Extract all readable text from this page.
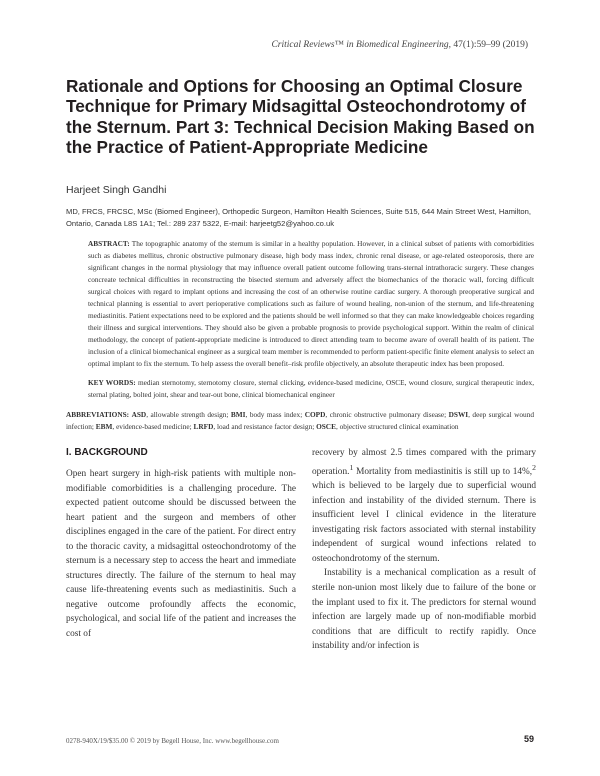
Critical Reviews™ in Biomedical Engineering, 47(1):59–99 (2019)
Rationale and Options for Choosing an Optimal Closure Technique for Primary Midsagittal Osteochondrotomy of the Sternum. Part 3: Technical Decision Making Based on the Practice of Patient-Appropriate Medicine
Harjeet Singh Gandhi
MD, FRCS, FRCSC, MSc (Biomed Engineer), Orthopedic Surgeon, Hamilton Health Sciences, Suite 515, 644 Main Street West, Hamilton, Ontario, Canada L8S 1A1; Tel.: 289 237 5322, E-mail: harjeetg52@yahoo.co.uk
ABSTRACT: The topographic anatomy of the sternum is similar in a healthy population. However, in a clinical subset of patients with comorbidities such as diabetes mellitus, chronic obstructive pulmonary disease, high body mass index, chronic renal disease, or age-related osteoporosis, there are significant changes in the normal physiology that may influence overall patient outcome following trans-sternal intrathoracic surgery. These changes concreate technical difficulties in reconstructing the bisected sternum and adversely affect the biomechanics of the thoracic wall, forcing difficult surgical choices with regard to implant options and increasing the cost of an otherwise routine cardiac surgery. A thorough preoperative surgical and technical planning is essential to avert perioperative complications such as failure of wound healing, non-union of the sternum, and life-threatening mediastinitis. Patient expectations need to be explored and the patients should be well informed so that they can make knowledgeable choices regarding their illness and surgical interventions. They should also be given a probable prognosis to provide psychological support. Within the realm of clinical methodology, the concept of patient-appropriate medicine is introduced to direct attending team to become aware of overall health of its patient. The inclusion of a clinical biomechanical engineer as a surgical team member is recommended to perform patient-specific finite element analysis to select an optimal implant to fix the sternum. To help assess the overall benefit–risk profile objectively, an absolute therapeutic index has been proposed.
KEY WORDS: median sternotomy, sternotomy closure, sternal clicking, evidence-based medicine, OSCE, wound closure, surgical therapeutic index, sternal plating, bolted joint, shear and tear-out bone, clinical biomechanical engineer
ABBREVIATIONS: ASD, allowable strength design; BMI, body mass index; COPD, chronic obstructive pulmonary disease; DSWI, deep surgical wound infection; EBM, evidence-based medicine; LRFD, load and resistance factor design; OSCE, objective structured clinical examination
I. BACKGROUND

Open heart surgery in high-risk patients with multiple non-modifiable comorbidities is a challenging procedure. The expected patient outcome should be discussed between the heart patient and the surgeon and members of other disciplines engaged in the care of the patient. For direct entry to the thoracic cavity, a midsagittal osteochondrotomy of the sternum is a necessary step to access the heart and immediate structures directly. The failure of the sternum to heal may cause life-threatening events such as mediastinitis. Such a negative outcome profoundly affects the economic, psychological, and social life of the patient and increases the cost of

recovery by almost 2.5 times compared with the primary operation.$^1$ Mortality from mediastinitis is still up to 14%,$^2$ which is believed to be largely due to superficial wound infection and instability of the divided sternum. There is insufficient level I clinical evidence in the literature investigating risk factors associated with sternal instability independent of surgical wound infections related to osteochondrotomy of the sternum.

Instability is a mechanical complication as a result of sterile non-union most likely due to failure of the bone or the implant used to fix it. The predictors for sternal wound infection are largely made up of non-modifiable morbid conditions that are difficult to rectify rapidly. Once instability and/or infection is

0278-940X/19/$35.00 © 2019 by Begell House, Inc. www.begellhouse.com	59
